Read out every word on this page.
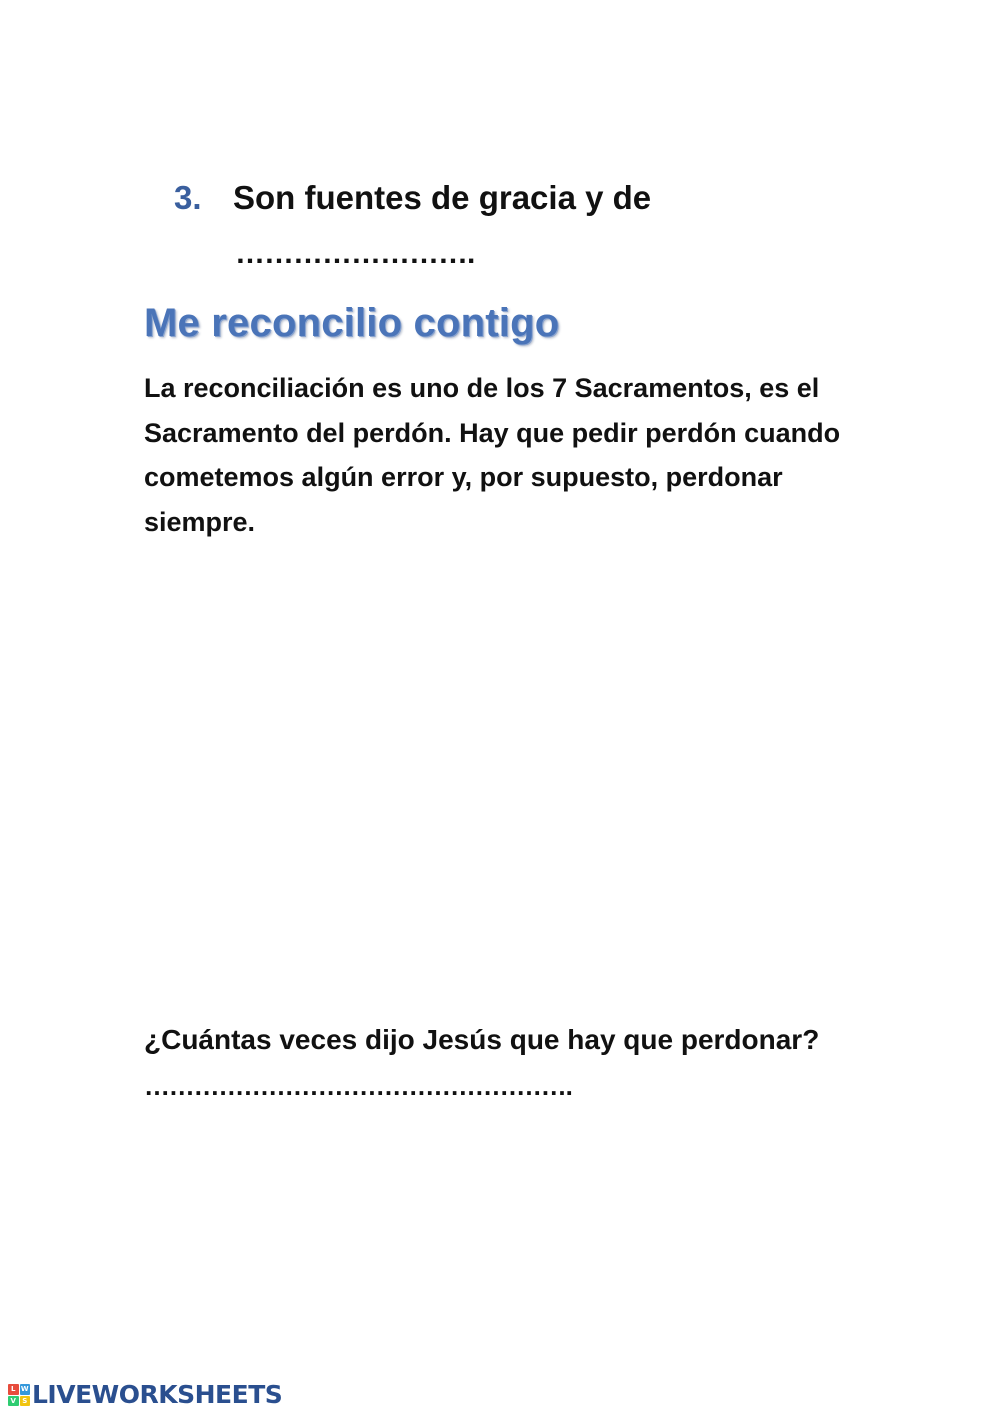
3. Son fuentes de gracia y de
…………………….
Me reconcilio contigo
La reconciliación es uno de los 7 Sacramentos, es el Sacramento del perdón. Hay que pedir perdón cuando cometemos algún error y, por supuesto, perdonar siempre.
¿Cuántas veces dijo Jesús que hay que perdonar?
…………………………………………….
L W
V S LIVEWORKSHEETS
